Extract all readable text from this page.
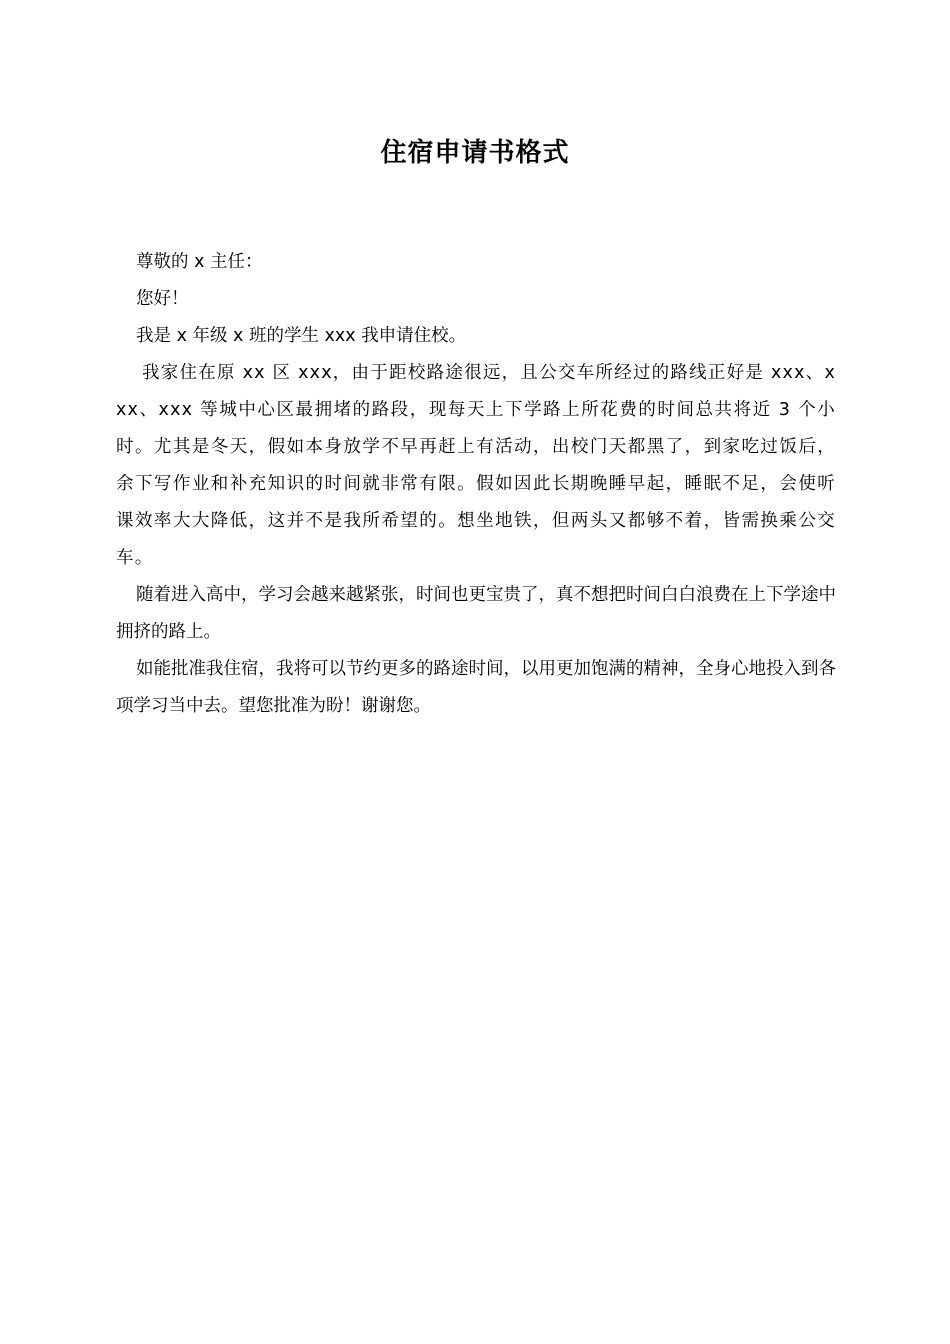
住宿申请书格式

尊敬的 x 主任：

您好！

我是 x 年级 x 班的学生 xxx 我申请住校。

我家住在原 xx 区 xxx，由于距校路途很远，且公交车所经过的路线正好是 xxx、xxx、xxx 等城中心区最拥堵的路段，现每天上下学路上所花费的时间总共将近 3 个小时。尤其是冬天，假如本身放学不早再赶上有活动，出校门天都黑了，到家吃过饭后，余下写作业和补充知识的时间就非常有限。假如因此长期晚睡早起，睡眠不足，会使听课效率大大降低，这并不是我所希望的。想坐地铁，但两头又都够不着，皆需换乘公交车。

随着进入高中，学习会越来越紧张，时间也更宝贵了，真不想把时间白白浪费在上下学途中拥挤的路上。

如能批准我住宿，我将可以节约更多的路途时间，以用更加饱满的精神，全身心地投入到各项学习当中去。望您批准为盼！谢谢您。
